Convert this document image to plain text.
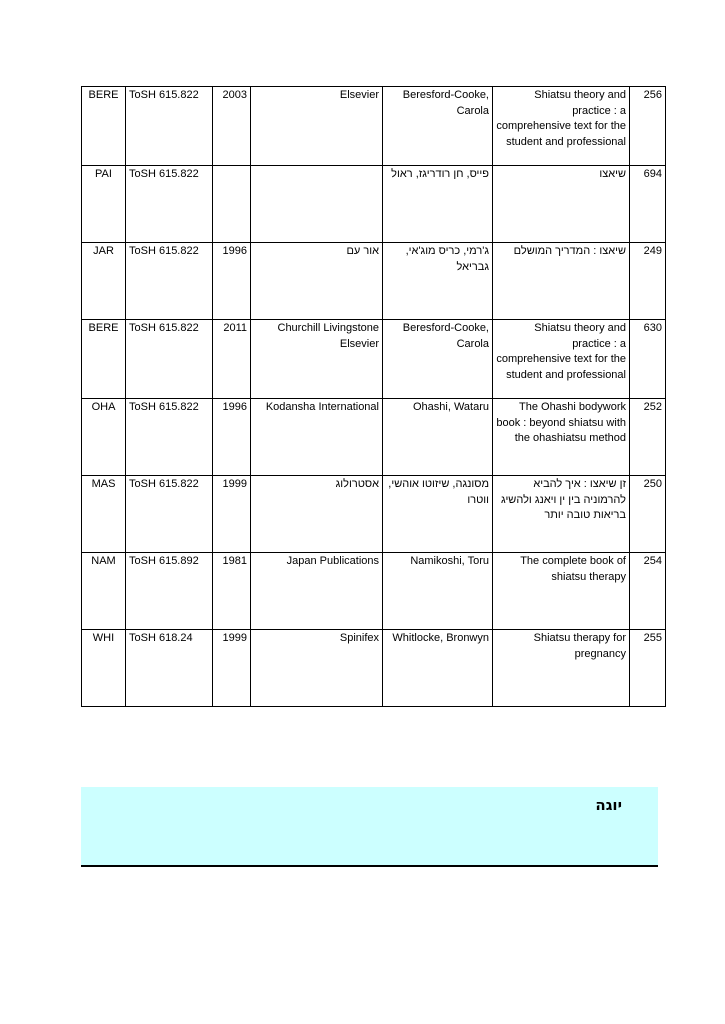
256	Shiatsu theory and practice : a comprehensive text for the student and professional	Beresford-Cooke, Carola	Elsevier	2003	ToSH 615.822	BERE
694	שיאצו	פייס, חן רודריגז, ראול			ToSH 615.822	PAI
249	שיאצו : המדריך המושלם	ג'רמי, כריס מוג'אי, גבריאל	אור עם	1996	ToSH 615.822	JAR
630	Shiatsu theory and practice : a comprehensive text for the student and professional	Beresford-Cooke, Carola	Churchill Livingstone Elsevier	2011	ToSH 615.822	BERE
252	The Ohashi bodywork book : beyond shiatsu with the ohashiatsu method	Ohashi, Wataru	Kodansha International	1996	ToSH 615.822	OHA
250	זן שיאצו : איך להביא להרמוניה בין ין ויאנג ולהשיג בריאות טובה יותר	מסונגה, שיזוטו אוהשי, ווטרו	אסטרולוג	1999	ToSH 615.822	MAS
254	The complete book of shiatsu therapy	Namikoshi, Toru	Japan Publications	1981	ToSH 615.892	NAM
255	Shiatsu therapy for pregnancy	Whitlocke, Bronwyn	Spinifex	1999	ToSH 618.24	WHI
יוגה
